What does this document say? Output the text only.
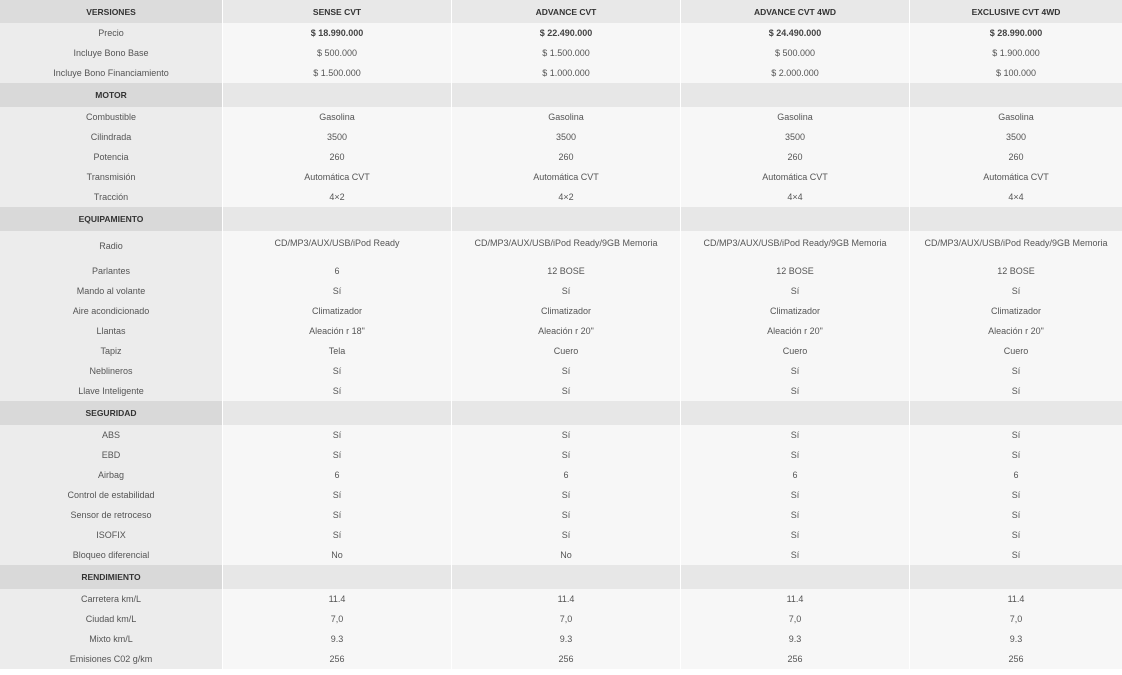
VERSIONES	SENSE CVT	ADVANCE CVT	ADVANCE CVT 4WD	EXCLUSIVE CVT 4WD
Precio	$ 18.990.000	$ 22.490.000	$ 24.490.000	$ 28.990.000
Incluye Bono Base	$ 500.000	$ 1.500.000	$ 500.000	$ 1.900.000
Incluye Bono Financiamiento	$ 1.500.000	$ 1.000.000	$ 2.000.000	$ 100.000
MOTOR
Combustible	Gasolina	Gasolina	Gasolina	Gasolina
Cilindrada	3500	3500	3500	3500
Potencia	260	260	260	260
Transmisión	Automática CVT	Automática CVT	Automática CVT	Automática CVT
Tracción	4×2	4×2	4×4	4×4
EQUIPAMIENTO
Radio	CD/MP3/AUX/USB/iPod Ready	CD/MP3/AUX/USB/iPod Ready/9GB Memoria	CD/MP3/AUX/USB/iPod Ready/9GB Memoria	CD/MP3/AUX/USB/iPod Ready/9GB Memoria
Parlantes	6	12 BOSE	12 BOSE	12 BOSE
Mando al volante	Sí	Sí	Sí	Sí
Aire acondicionado	Climatizador	Climatizador	Climatizador	Climatizador
Llantas	Aleación r 18"	Aleación r 20"	Aleación r 20"	Aleación r 20"
Tapiz	Tela	Cuero	Cuero	Cuero
Neblineros	Sí	Sí	Sí	Sí
Llave Inteligente	Sí	Sí	Sí	Sí
SEGURIDAD
ABS	Sí	Sí	Sí	Sí
EBD	Sí	Sí	Sí	Sí
Airbag	6	6	6	6
Control de estabilidad	Sí	Sí	Sí	Sí
Sensor de retroceso	Sí	Sí	Sí	Sí
ISOFIX	Sí	Sí	Sí	Sí
Bloqueo diferencial	No	No	Sí	Sí
RENDIMIENTO
Carretera km/L	11.4	11.4	11.4	11.4
Ciudad km/L	7,0	7,0	7,0	7,0
Mixto km/L	9.3	9.3	9.3	9.3
Emisiones C02 g/km	256	256	256	256
